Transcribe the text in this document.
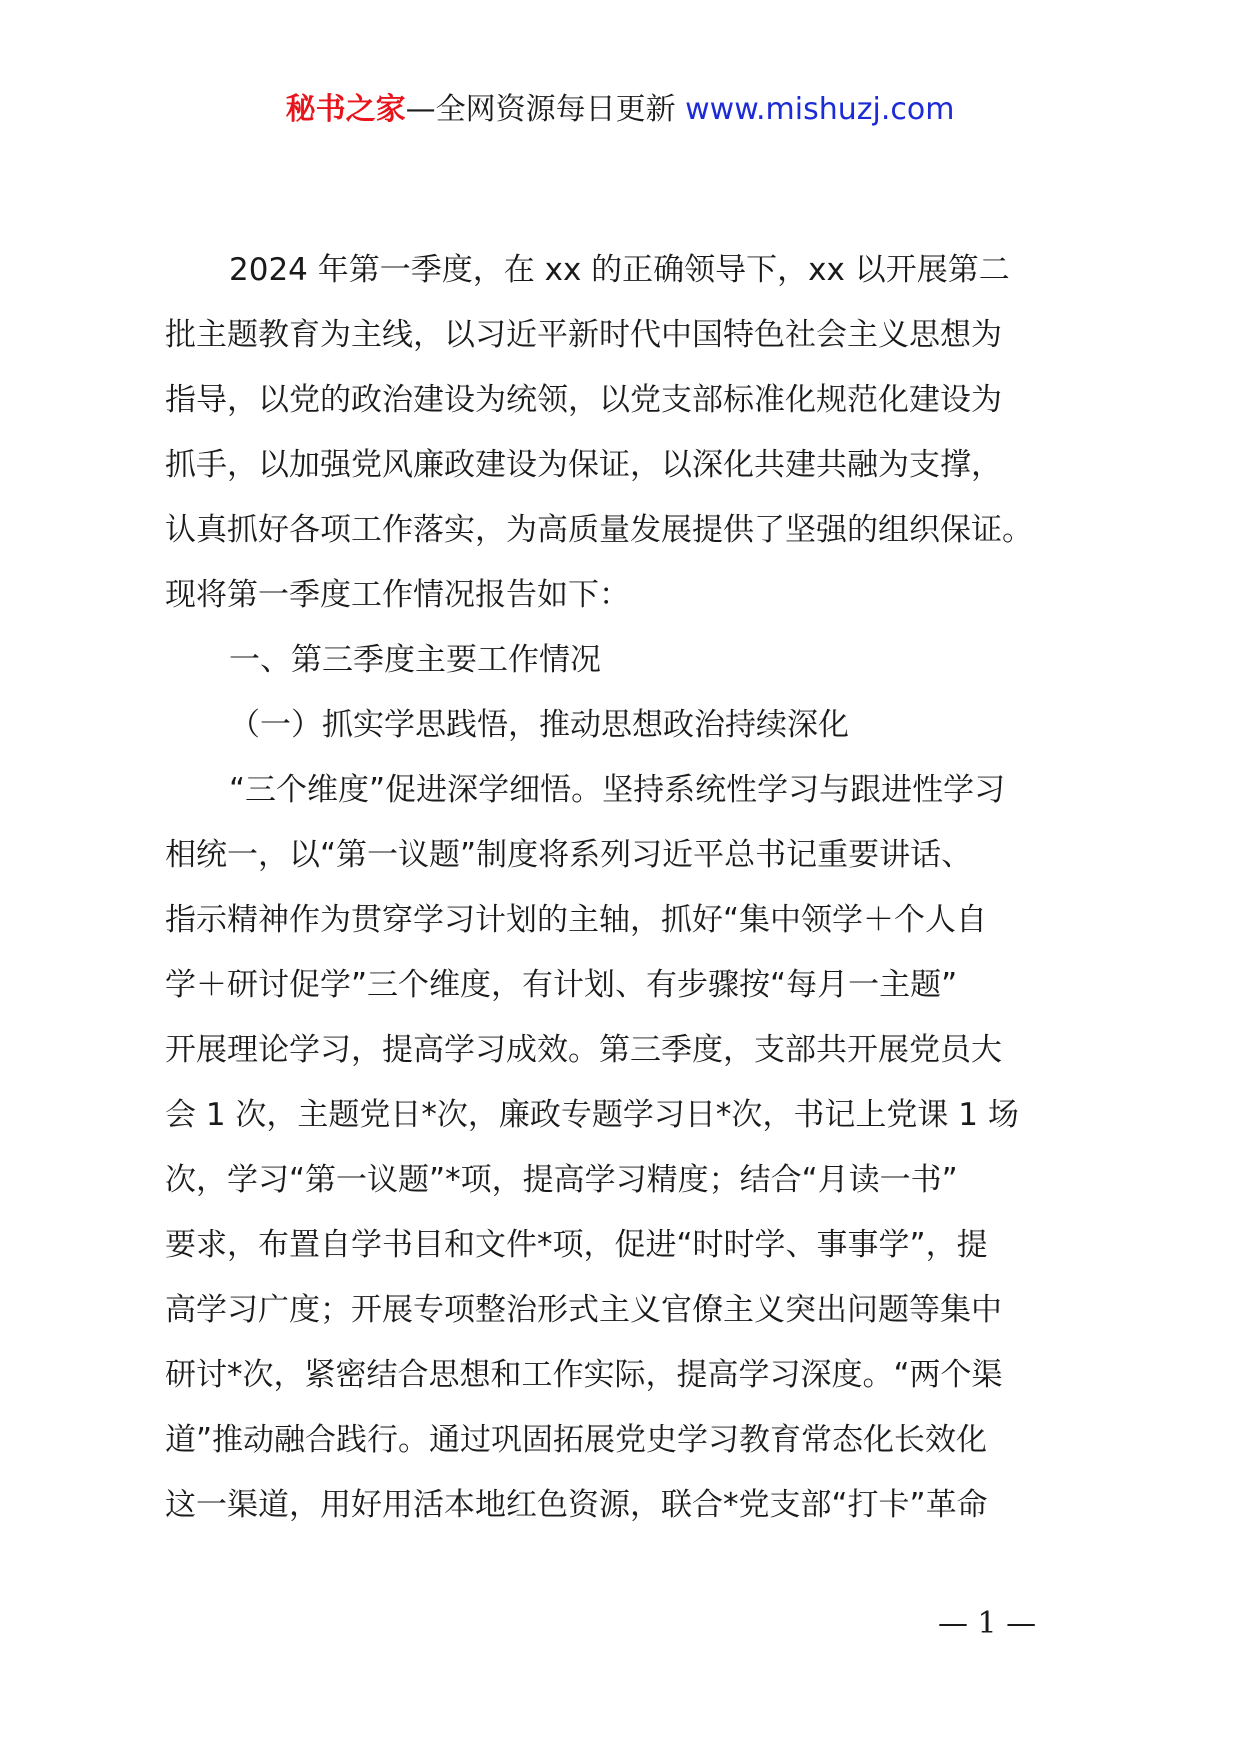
秘书之家—全网资源每日更新 www.mishuzj.com

2024 年第一季度，在 xx 的正确领导下，xx 以开展第二
批主题教育为主线，以习近平新时代中国特色社会主义思想为
指导，以党的政治建设为统领，以党支部标准化规范化建设为
抓手，以加强党风廉政建设为保证，以深化共建共融为支撑，
认真抓好各项工作落实，为高质量发展提供了坚强的组织保证。
现将第一季度工作情况报告如下：

一、第三季度主要工作情况

（一）抓实学思践悟，推动思想政治持续深化

“三个维度”促进深学细悟。坚持系统性学习与跟进性学习
相统一，以“第一议题”制度将系列习近平总书记重要讲话、
指示精神作为贯穿学习计划的主轴，抓好“集中领学＋个人自
学＋研讨促学”三个维度，有计划、有步骤按“每月一主题”
开展理论学习，提高学习成效。第三季度，支部共开展党员大
会 1 次，主题党日*次，廉政专题学习日*次，书记上党课 1 场
次，学习“第一议题”*项，提高学习精度；结合“月读一书”
要求，布置自学书目和文件*项，促进“时时学、事事学”，提
高学习广度；开展专项整治形式主义官僚主义突出问题等集中
研讨*次，紧密结合思想和工作实际，提高学习深度。“两个渠
道”推动融合践行。通过巩固拓展党史学习教育常态化长效化
这一渠道，用好用活本地红色资源，联合*党支部“打卡”革命

— 1 —
